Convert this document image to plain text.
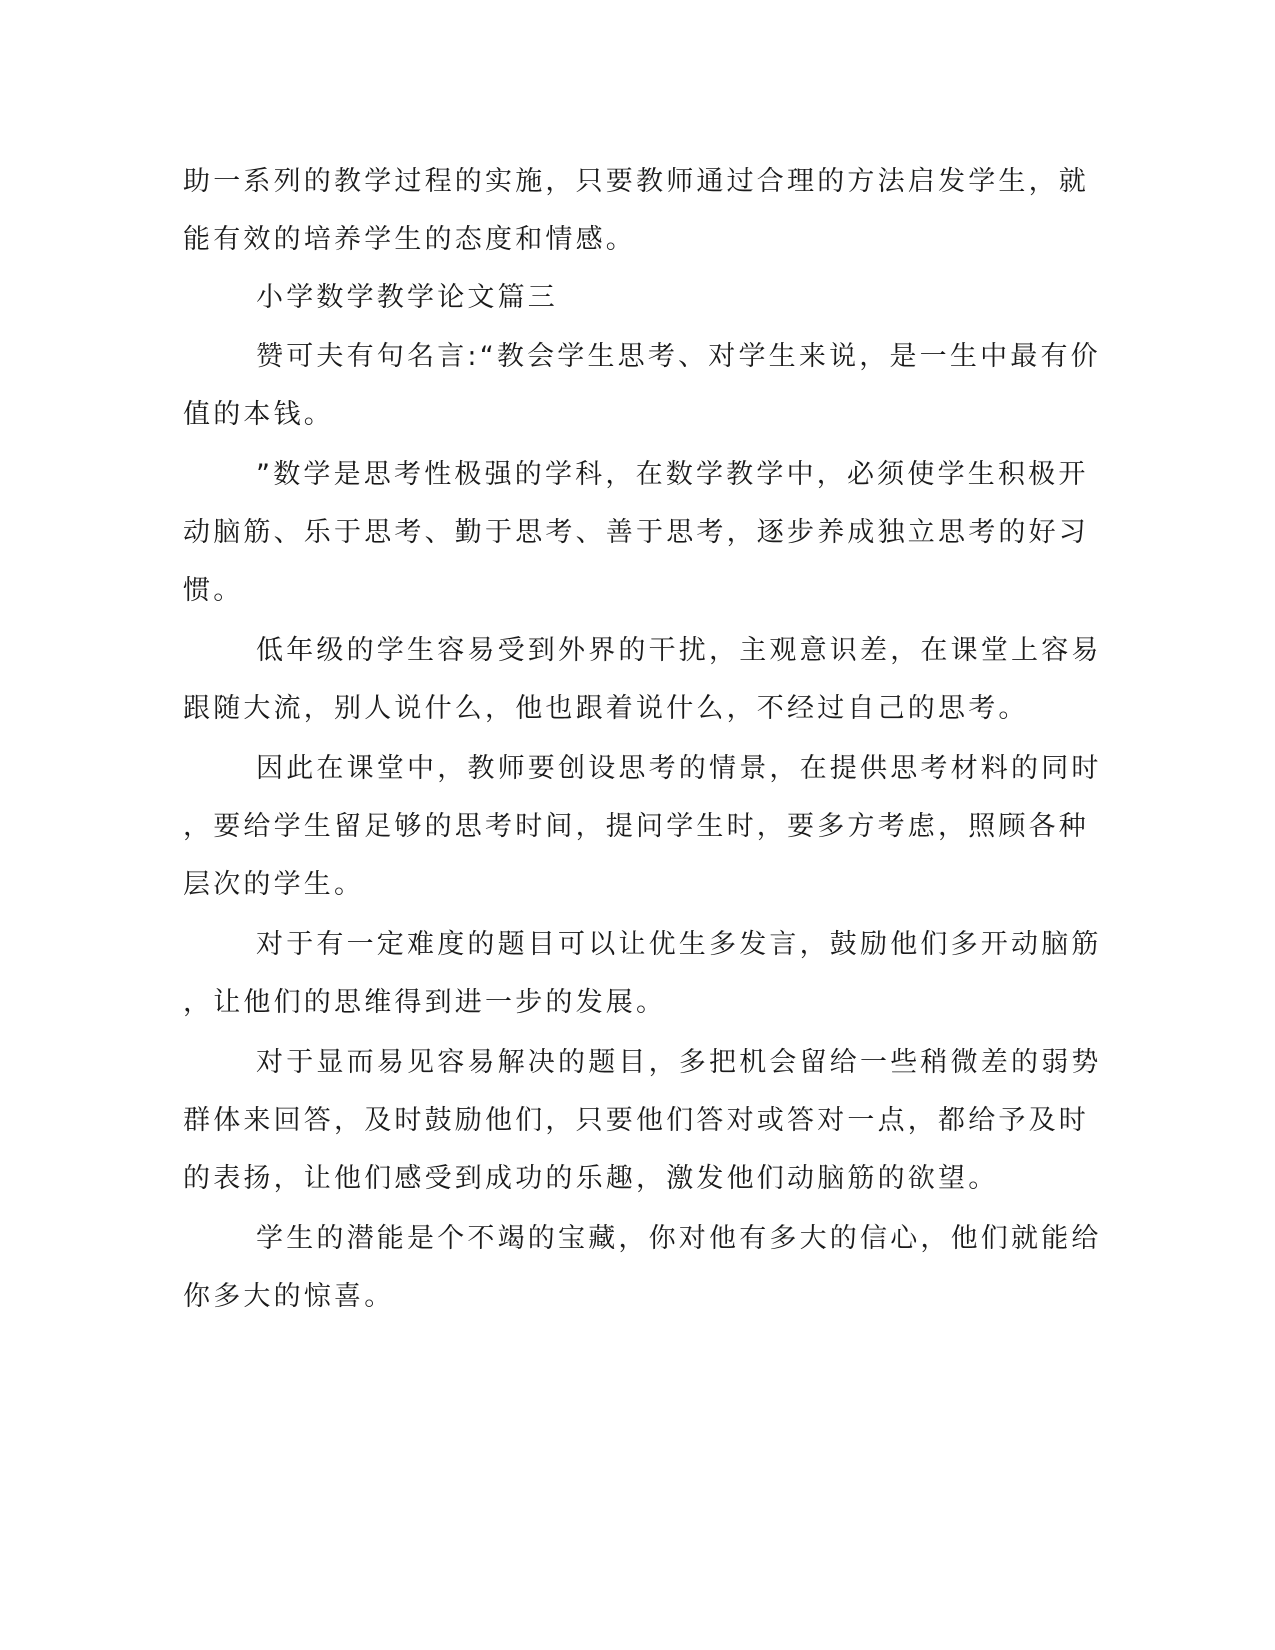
助一系列的教学过程的实施，只要教师通过合理的方法启发学生，就
能有效的培养学生的态度和情感。
小学数学教学论文篇三
赞可夫有句名言:“教会学生思考、对学生来说，是一生中最有价
值的本钱。
”数学是思考性极强的学科，在数学教学中，必须使学生积极开
动脑筋、乐于思考、勤于思考、善于思考，逐步养成独立思考的好习
惯。
低年级的学生容易受到外界的干扰，主观意识差，在课堂上容易
跟随大流，别人说什么，他也跟着说什么，不经过自己的思考。
因此在课堂中，教师要创设思考的情景，在提供思考材料的同时
，要给学生留足够的思考时间，提问学生时，要多方考虑，照顾各种
层次的学生。
对于有一定难度的题目可以让优生多发言，鼓励他们多开动脑筋
，让他们的思维得到进一步的发展。
对于显而易见容易解决的题目，多把机会留给一些稍微差的弱势
群体来回答，及时鼓励他们，只要他们答对或答对一点，都给予及时
的表扬，让他们感受到成功的乐趣，激发他们动脑筋的欲望。
学生的潜能是个不竭的宝藏，你对他有多大的信心，他们就能给
你多大的惊喜。
